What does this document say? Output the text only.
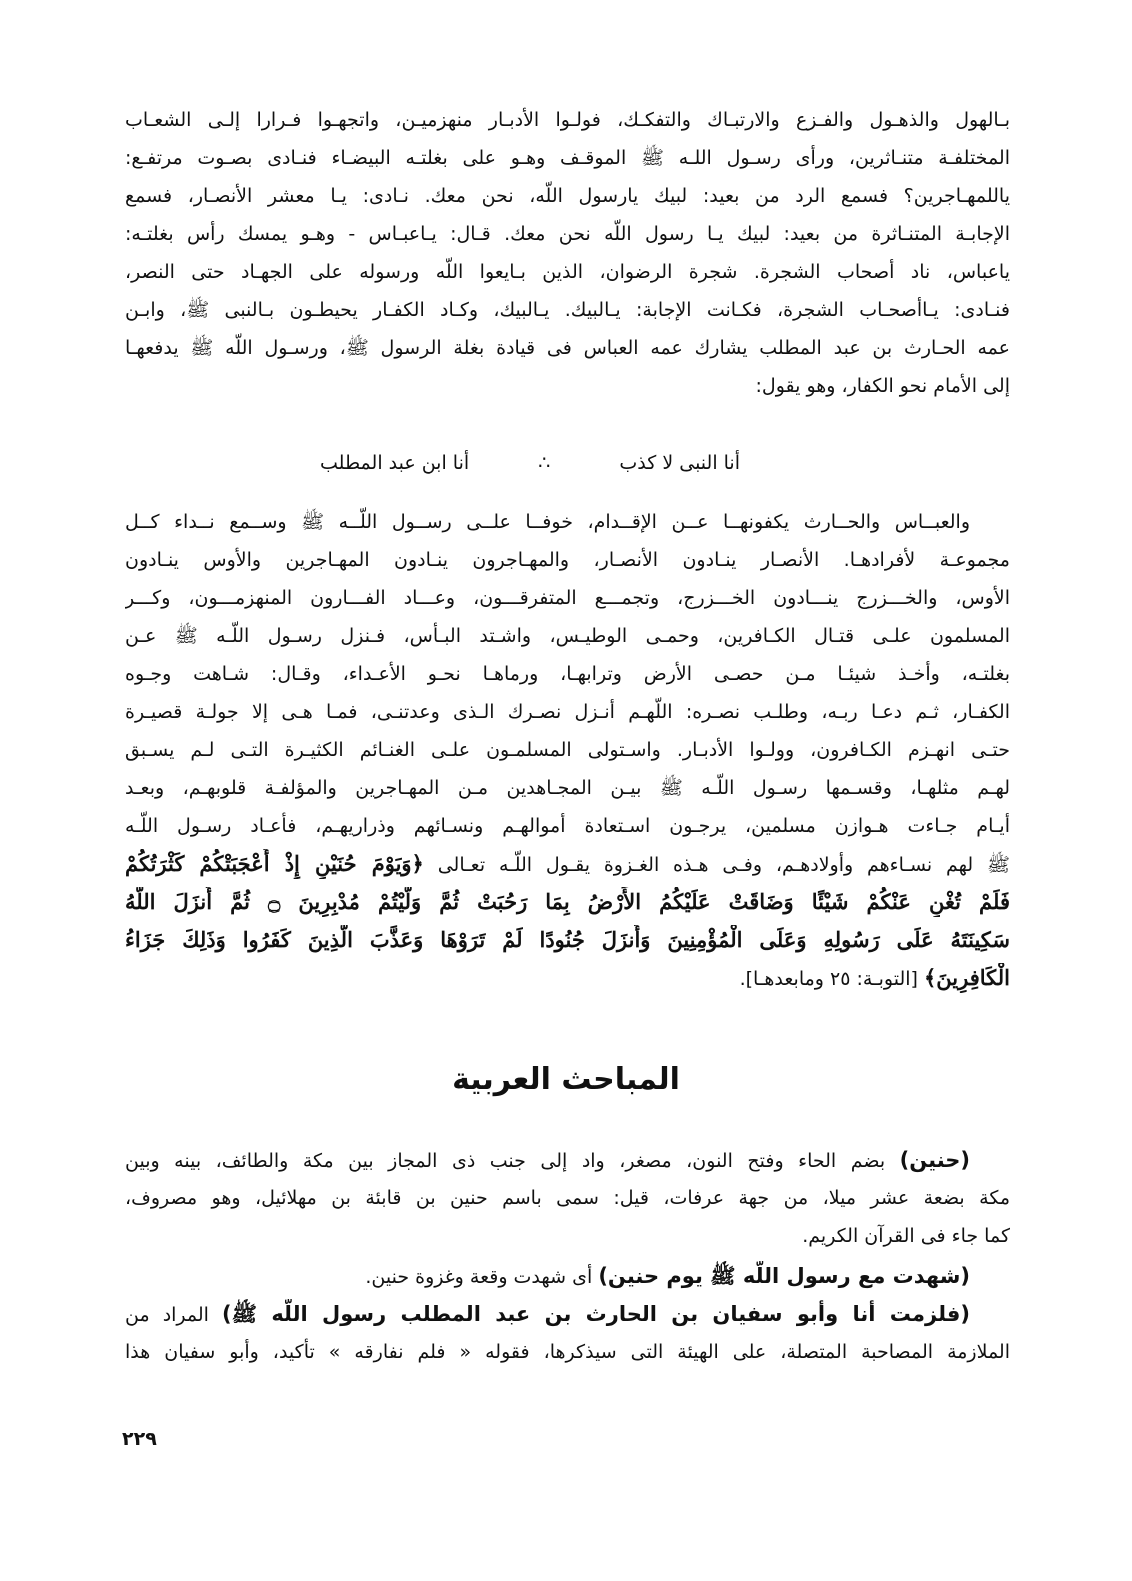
بـالهول والذهـول والفـزع والارتبـاك والتفكـك، فولـوا الأدبـار منهزميـن، واتجهـوا فـرارا إلـى الشعـاب
المختلفـة متنـاثرين، ورأى رسـول اللـه ﷺ الموقـف وهـو على بغلتـه البيضـاء فنـادى بصـوت مرتفـع:
ياللمهـاجرين؟ فسمع الرد من بعيد: لبيك يارسول اللّه، نحن معك. نـادى: يـا معشر الأنصـار، فسمع
الإجابـة المتنـاثرة من بعيد: لبيك يـا رسول اللّه نحن معك. قـال: يـاعبـاس - وهـو يمسك رأس بغلتـه:
ياعباس، ناد أصحاب الشجرة. شجرة الرضوان، الذين بـايعوا اللّه ورسوله على الجهـاد حتى النصر،
فنـادى: يـاأصحـاب الشجرة، فكـانت الإجابة: يـالبيك. يـالبيك، وكـاد الكفـار يحيطـون بـالنبى ﷺ، وابـن
عمه الحـارث بن عبد المطلب يشارك عمه العباس فى قيادة بغلة الرسول ﷺ، ورسـول اللّه ﷺ يدفعهـا
إلى الأمام نحو الكفار، وهو يقول:
أنا النبى لا كذب
∴
أنا ابن عبد المطلب
والعبــاس والحــارث يكفونهــا عــن الإقــدام، خوفــا علــى رســول اللّــه ﷺ وســمع نــداء كــل
مجموعـة لأفرادهـا. الأنصـار ينـادون الأنصـار، والمهـاجرون ينـادون المهـاجرين والأوس ينـادون
الأوس، والخـــزرج ينـــادون الخـــزرج، وتجمـــع المتفرقـــون، وعـــاد الفـــارون المنهزمـــون، وكـــر
المسلمون علـى قتـال الكـافرين، وحمـى الوطيـس، واشـتد البـأس، فـنزل رسـول اللّـه ﷺ عـن
بغلتـه، وأخـذ شيئـا مـن حصـى الأرض وترابهـا، ورماهـا نحـو الأعـداء، وقـال: شـاهت وجـوه
الكفـار، ثـم دعـا ربـه، وطلـب نصـره: اللّهـم أنـزل نصـرك الـذى وعدتنـى، فمـا هـى إلا جولـة قصيـرة
حتـى انهـزم الكـافرون، وولـوا الأدبـار. واسـتولى المسلمـون علـى الغنـائم الكثيـرة التـى لـم يسـبق
لهـم مثلهـا، وقسـمها رسـول اللّـه ﷺ بيـن المجـاهدين مـن المهـاجرين والمؤلفـة قلوبهـم، وبعـد
أيـام جـاءت هـوازن مسلمين، يرجـون اسـتعادة أموالهـم ونسـائهم وذراريهـم، فأعـاد رسـول اللّـه
ﷺ لهم نسـاءهم وأولادهـم، وفـى هـذه الغـزوة يقـول اللّـه تعـالى ﴿وَيَوْمَ حُنَيْنٍ إِذْ أَعْجَبَتْكُمْ كَثْرَتُكُمْ
فَلَمْ تُغْنِ عَنْكُمْ شَيْئًا وَضَاقَتْ عَلَيْكُمُ الأَرْضُ بِمَا رَحُبَتْ ثُمَّ وَلَّيْتُمْ مُدْبِرِينَ ۝ ثُمَّ أَنزَلَ اللَّهُ
سَكِينَتَهُ عَلَى رَسُولِهِ وَعَلَى الْمُؤْمِنِينَ وَأَنزَلَ جُنُودًا لَمْ تَرَوْهَا وَعَذَّبَ الَّذِينَ كَفَرُوا وَذَلِكَ جَزَاءُ
الْكَافِرِينَ﴾ [التوبـة: ٢٥ ومابعدهـا].
المباحث العربية
(حنين) بضم الحاء وفتح النون، مصغر، واد إلى جنب ذى المجاز بين مكة والطائف، بينه وبين
مكة بضعة عشر ميلا، من جهة عرفات، قيل: سمى باسم حنين بن قابئة بن مهلائيل، وهو مصروف،
كما جاء فى القرآن الكريم.
(شهدت مع رسول اللّه ﷺ يوم حنين) أى شهدت وقعة وغزوة حنين.
(فلزمت أنا وأبو سفيان بن الحارث بن عبد المطلب رسول اللّه ﷺ) المراد من
الملازمة المصاحبة المتصلة، على الهيئة التى سيذكرها، فقوله « فلم نفارقه » تأكيد، وأبو سفيان هذا
٢٢٩
